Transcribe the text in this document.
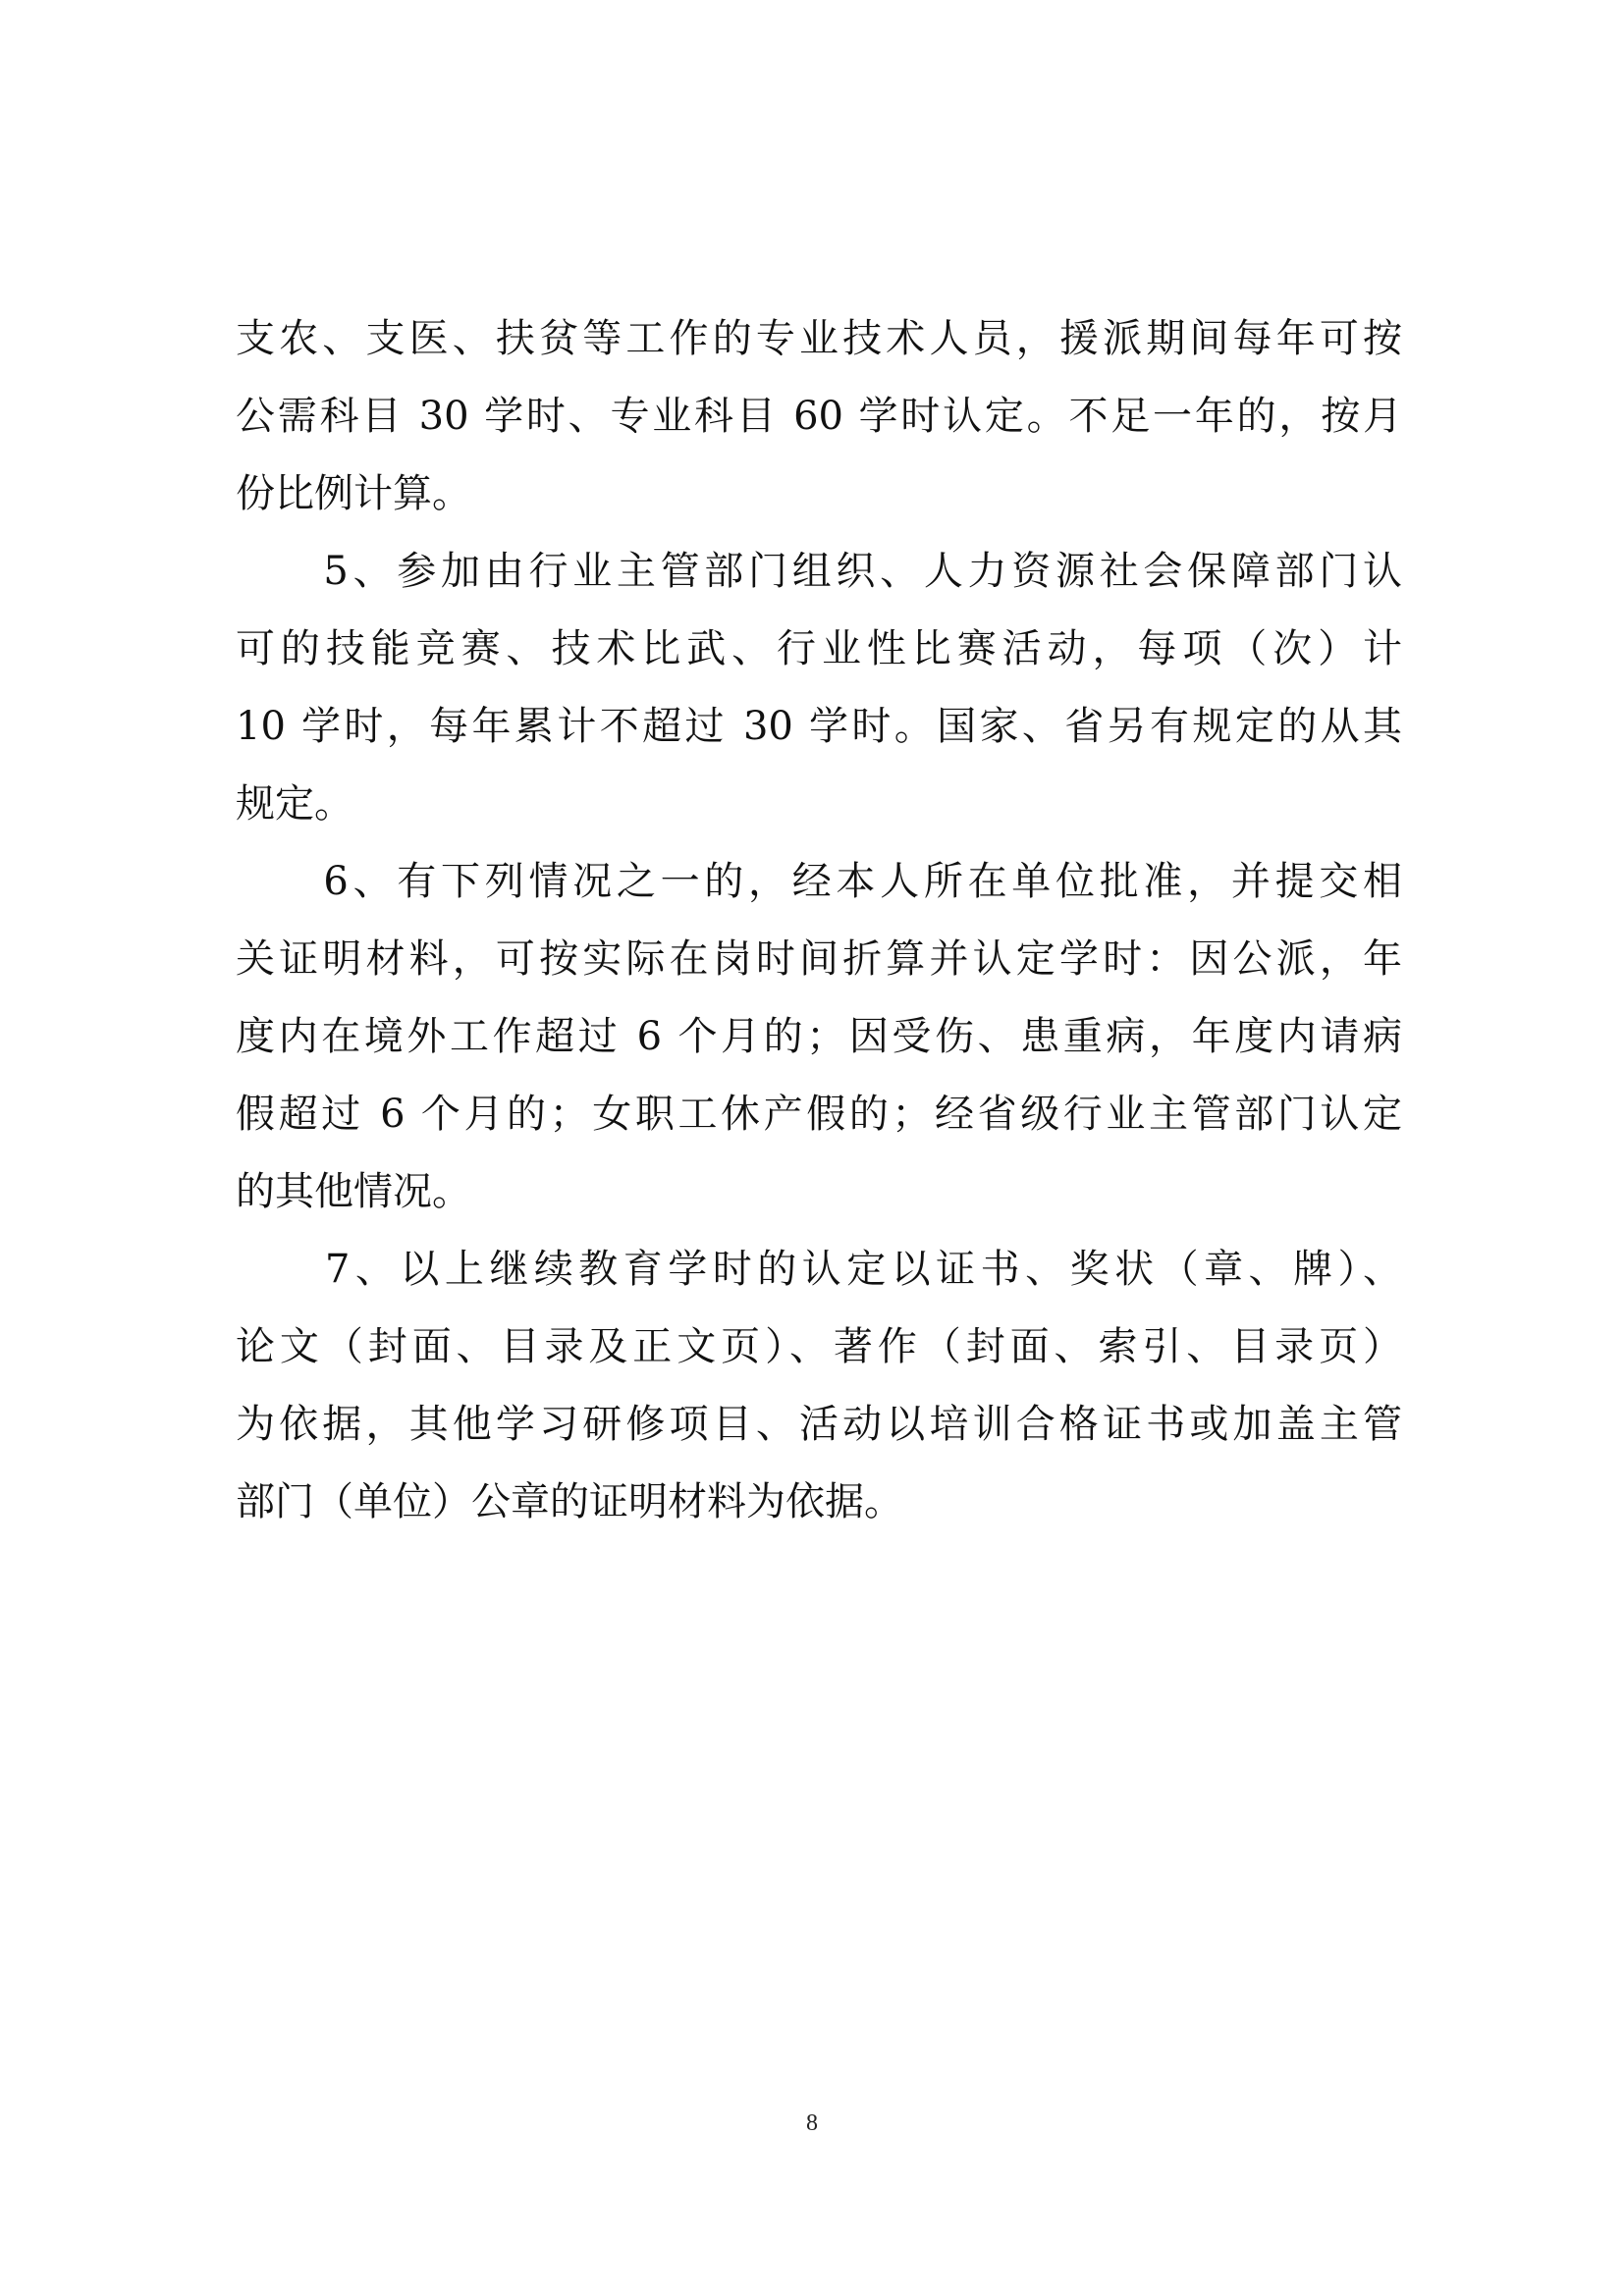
支农、支医、扶贫等工作的专业技术人员，援派期间每年可按
公需科目 30 学时、专业科目 60 学时认定。不足一年的，按月
份比例计算。
　　5、参加由行业主管部门组织、人力资源社会保障部门认
可的技能竞赛、技术比武、行业性比赛活动，每项（次）计
10 学时，每年累计不超过 30 学时。国家、省另有规定的从其
规定。
　　6、有下列情况之一的，经本人所在单位批准，并提交相
关证明材料，可按实际在岗时间折算并认定学时：因公派，年
度内在境外工作超过 6 个月的；因受伤、患重病，年度内请病
假超过 6 个月的；女职工休产假的；经省级行业主管部门认定
的其他情况。
　　7、以上继续教育学时的认定以证书、奖状（章、牌）、
论文（封面、目录及正文页）、著作（封面、索引、目录页）
为依据，其他学习研修项目、活动以培训合格证书或加盖主管
部门（单位）公章的证明材料为依据。
8
